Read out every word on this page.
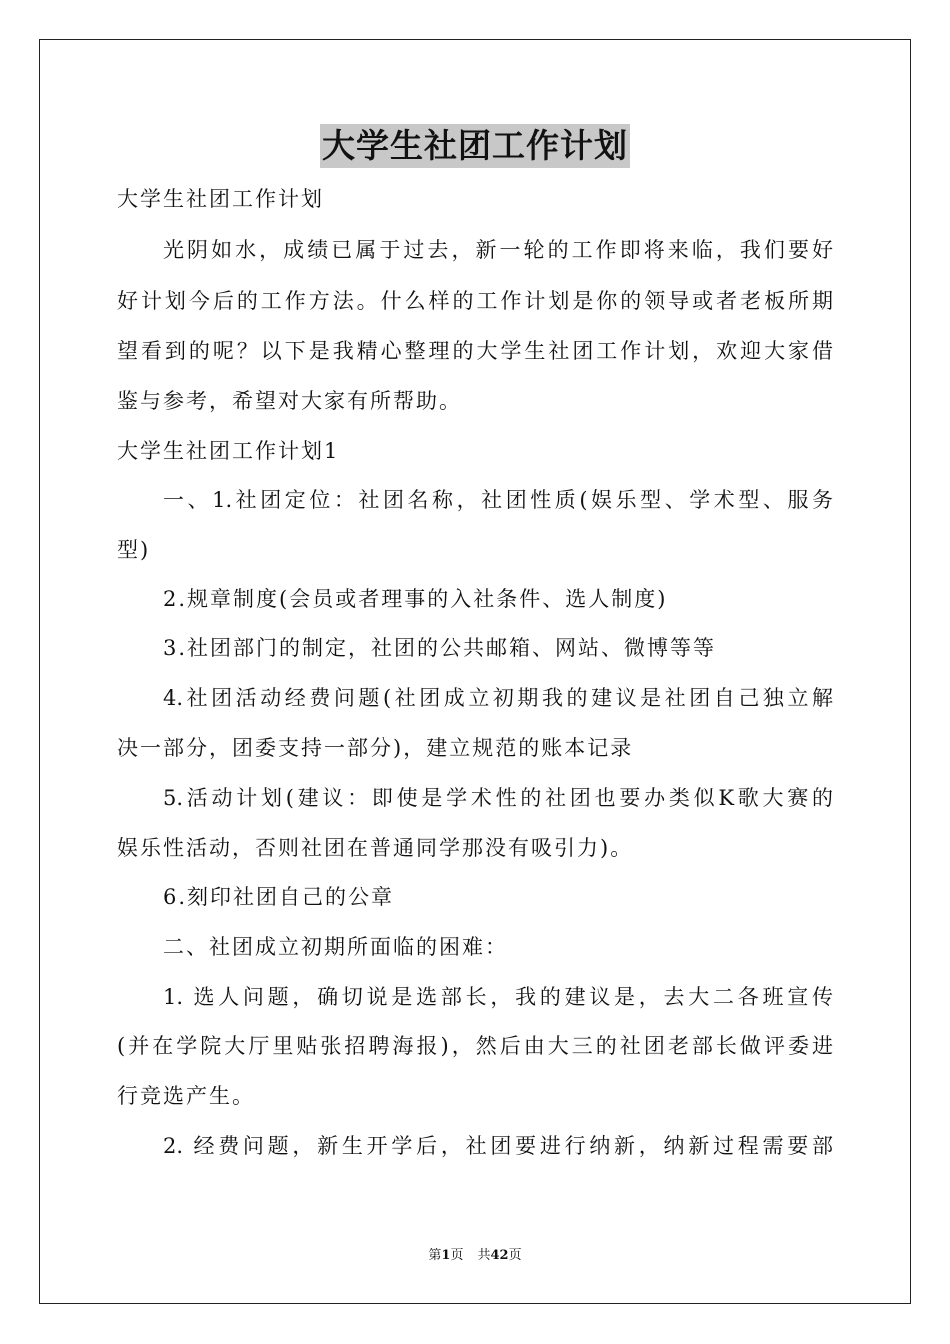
大学生社团工作计划
大学生社团工作计划
光阴如水，成绩已属于过去，新一轮的工作即将来临，我们要好
好计划今后的工作方法。什么样的工作计划是你的领导或者老板所期
望看到的呢？以下是我精心整理的大学生社团工作计划，欢迎大家借
鉴与参考，希望对大家有所帮助。
大学生社团工作计划1
一、1.社团定位：社团名称，社团性质(娱乐型、学术型、服务
型)
2.规章制度(会员或者理事的入社条件、选人制度)
3.社团部门的制定，社团的公共邮箱、网站、微博等等
4.社团活动经费问题(社团成立初期我的建议是社团自己独立解
决一部分，团委支持一部分)，建立规范的账本记录
5.活动计划(建议：即使是学术性的社团也要办类似K歌大赛的
娱乐性活动，否则社团在普通同学那没有吸引力)。
6.刻印社团自己的公章
二、社团成立初期所面临的困难：
1. 选人问题，确切说是选部长，我的建议是，去大二各班宣传
(并在学院大厅里贴张招聘海报)，然后由大三的社团老部长做评委进
行竞选产生。
2. 经费问题，新生开学后，社团要进行纳新，纳新过程需要部
第1页 共42页
